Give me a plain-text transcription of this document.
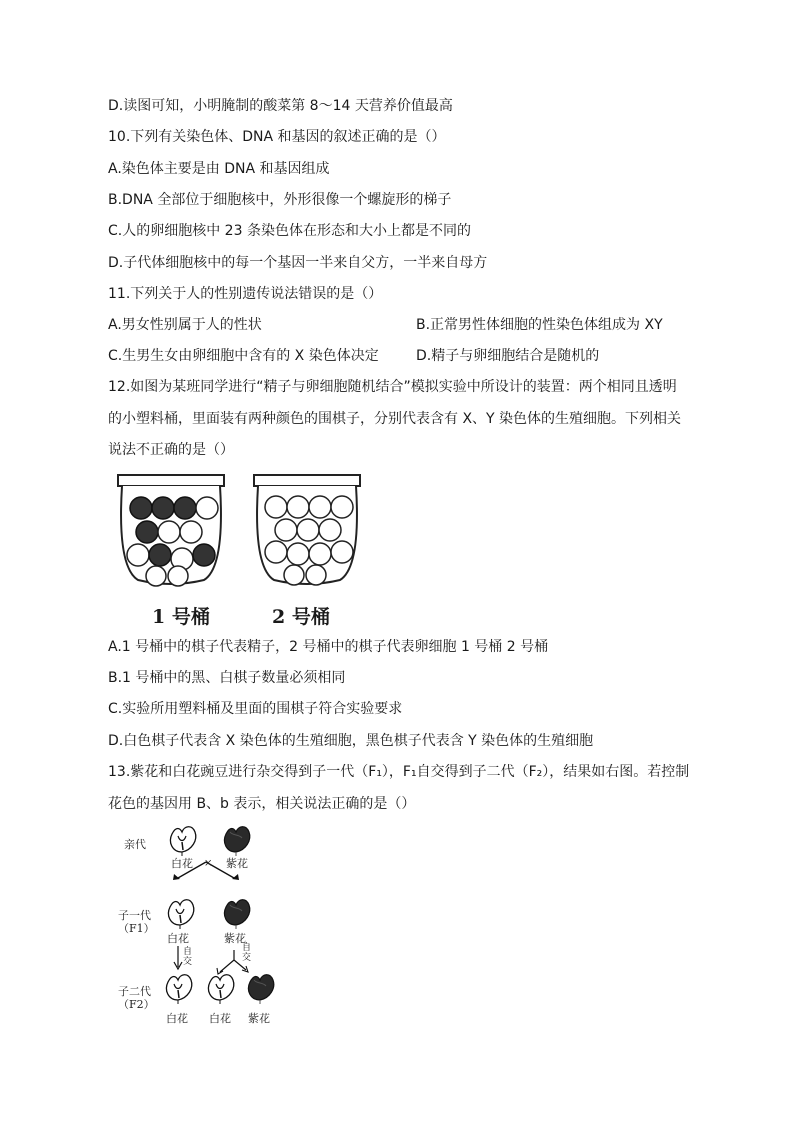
D.读图可知，小明腌制的酸菜第 8～14 天营养价值最高
10.下列有关染色体、DNA 和基因的叙述正确的是（）
A.染色体主要是由 DNA 和基因组成
B.DNA 全部位于细胞核中，外形很像一个螺旋形的梯子
C.人的卵细胞核中 23 条染色体在形态和大小上都是不同的
D.子代体细胞核中的每一个基因一半来自父方，一半来自母方
11.下列关于人的性别遗传说法错误的是（）
A.男女性别属于人的性状	B.正常男性体细胞的性染色体组成为 XY
C.生男生女由卵细胞中含有的 X 染色体决定	D.精子与卵细胞结合是随机的
12.如图为某班同学进行“精子与卵细胞随机结合”模拟实验中所设计的装置：两个相同且透明
的小塑料桶，里面装有两种颜色的围棋子，分别代表含有 X、Y 染色体的生殖细胞。下列相关
说法不正确的是（）
1 号桶	2 号桶
A.1 号桶中的棋子代表精子，2 号桶中的棋子代表卵细胞 1 号桶 2 号桶
B.1 号桶中的黑、白棋子数量必须相同
C.实验所用塑料桶及里面的围棋子符合实验要求
D.白色棋子代表含 X 染色体的生殖细胞，黑色棋子代表含 Y 染色体的生殖细胞
13.紫花和白花豌豆进行杂交得到子一代（F₁），F₁自交得到子二代（F₂），结果如右图。若控制
花色的基因用 B、b 表示，相关说法正确的是（）
亲代
白花 × 紫花
子一代
（F1）
白花	紫花
自
交
自
交
子二代
（F2）
白花 白花 紫花
